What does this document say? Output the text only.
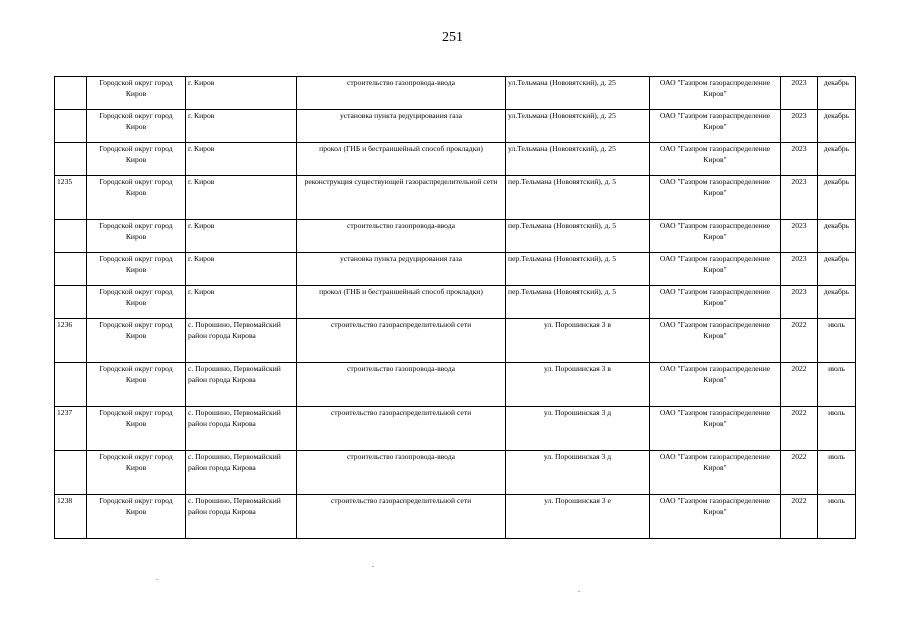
251
	Городской округ город Киров	г. Киров	строительство газопровода-ввода	ул.Тельмана (Нововятский), д. 25	ОАО "Газпром газораспределение Киров"	2023	декабрь
	Городской округ город Киров	г. Киров	установка пункта редуцирования газа	ул.Тельмана (Нововятский), д. 25	ОАО "Газпром газораспределение Киров"	2023	декабрь
	Городской округ город Киров	г. Киров	прокол (ГНБ и бестраншейный способ прокладки)	ул.Тельмана (Нововятский), д. 25	ОАО "Газпром газораспределение Киров"	2023	декабрь
1235	Городской округ город Киров	г. Киров	реконструкция существующей газораспределительной сети	пер.Тельмана (Нововятский), д. 5	ОАО "Газпром газораспределение Киров"	2023	декабрь
	Городской округ город Киров	г. Киров	строительство газопровода-ввода	пер.Тельмана (Нововятский), д. 5	ОАО "Газпром газораспределение Киров"	2023	декабрь
	Городской округ город Киров	г. Киров	установка пункта редуцирования газа	пер.Тельмана (Нововятский), д. 5	ОАО "Газпром газораспределение Киров"	2023	декабрь
	Городской округ город Киров	г. Киров	прокол (ГНБ и бестраншейный способ прокладки)	пер.Тельмана (Нововятский), д. 5	ОАО "Газпром газораспределение Киров"	2023	декабрь
1236	Городской округ город Киров	с. Порошино, Первомайский район города Кирова	строительство газораспределительной сети	ул. Порошинская 3 в	ОАО "Газпром газораспределение Киров"	2022	июль
	Городской округ город Киров	с. Порошино, Первомайский район города Кирова	строительство газопровода-ввода	ул. Порошинская 3 в	ОАО "Газпром газораспределение Киров"	2022	июль
1237	Городской округ город Киров	с. Порошино, Первомайский район города Кирова	строительство газораспределительной сети	ул. Порошинская 3 д	ОАО "Газпром газораспределение Киров"	2022	июль
	Городской округ город Киров	с. Порошино, Первомайский район города Кирова	строительство газопровода-ввода	ул. Порошинская 3 д	ОАО "Газпром газораспределение Киров"	2022	июль
1238	Городской округ город Киров	с. Порошино, Первомайский район города Кирова	строительство газораспределительной сети	ул. Порошинская 3 е	ОАО "Газпром газораспределение Киров"	2022	июль
